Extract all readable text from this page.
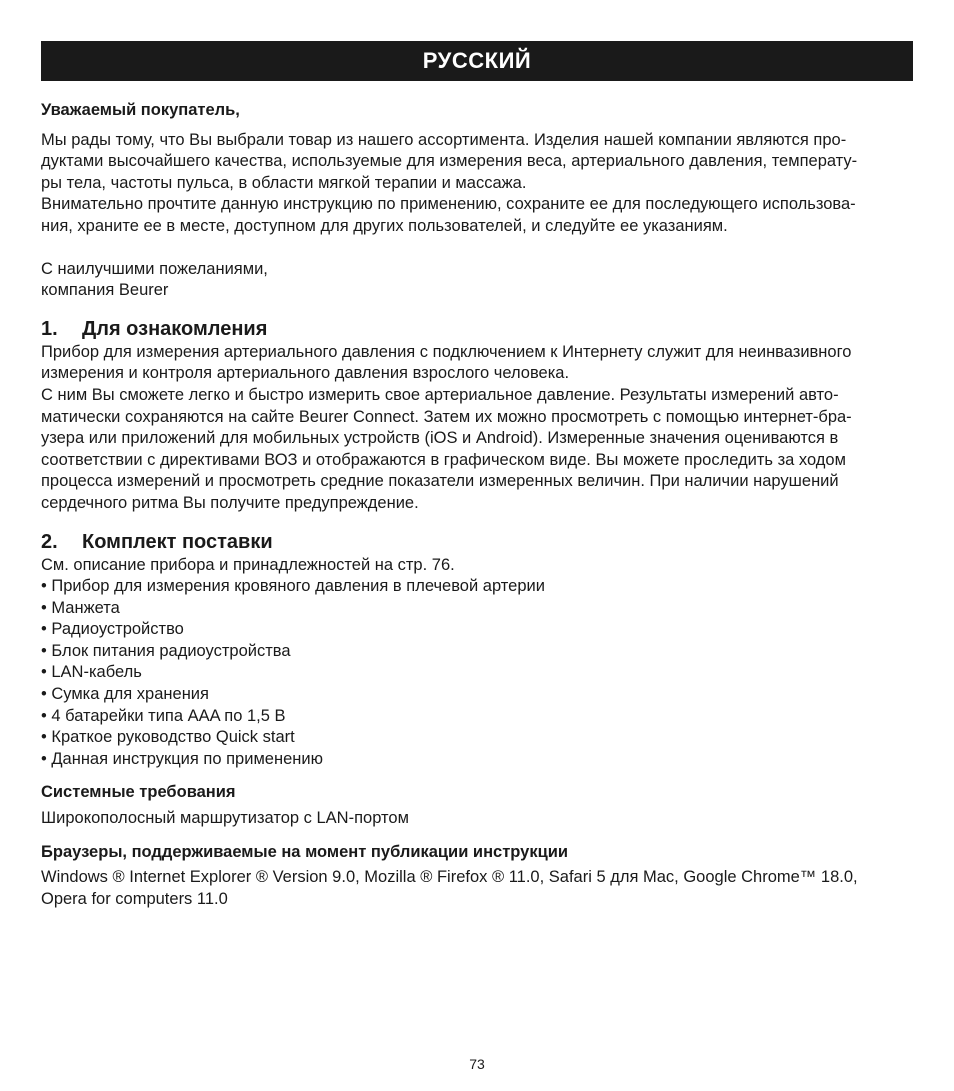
РУССКИЙ
Уважаемый покупатель,
Мы рады тому, что Вы выбрали товар из нашего ассортимента. Изделия нашей компании являются про-
дуктами высочайшего качества, используемые для измерения веса, артериального давления, температу-
ры тела, частоты пульса, в области мягкой терапии и массажа.
Внимательно прочтите данную инструкцию по применению, сохраните ее для последующего использова-
ния, храните ее в месте, доступном для других пользователей, и следуйте ее указаниям.
С наилучшими пожеланиями,
компания Beurer
1. Для ознакомления
Прибор для измерения артериального давления с подключением к Интернету служит для неинвазивного
измерения и контроля артериального давления взрослого человека.
С ним Вы сможете легко и быстро измерить свое артериальное давление. Результаты измерений авто-
матически сохраняются на сайте Beurer Connect. Затем их можно просмотреть с помощью интернет-бра-
узера или приложений для мобильных устройств (iOS и Android). Измеренные значения оцениваются в
соответствии с директивами ВОЗ и отображаются в графическом виде. Вы можете проследить за ходом
процесса измерений и просмотреть средние показатели измеренных величин. При наличии нарушений
сердечного ритма Вы получите предупреждение.
2. Комплект поставки
См. описание прибора и принадлежностей на стр. 76.
• Прибор для измерения кровяного давления в плечевой артерии
• Манжета
• Радиоустройство
• Блок питания радиоустройства
• LAN-кабель
• Сумка для хранения
• 4 батарейки типа AAA по 1,5 В
• Краткое руководство Quick start
• Данная инструкция по применению
Системные требования
Широкополосный маршрутизатор с LAN-портом
Браузеры, поддерживаемые на момент публикации инструкции
Windows ® Internet Explorer ® Version 9.0, Mozilla ® Firefox ® 11.0, Safari 5 для Mac, Google Chrome™ 18.0,
Opera for computers 11.0
73
